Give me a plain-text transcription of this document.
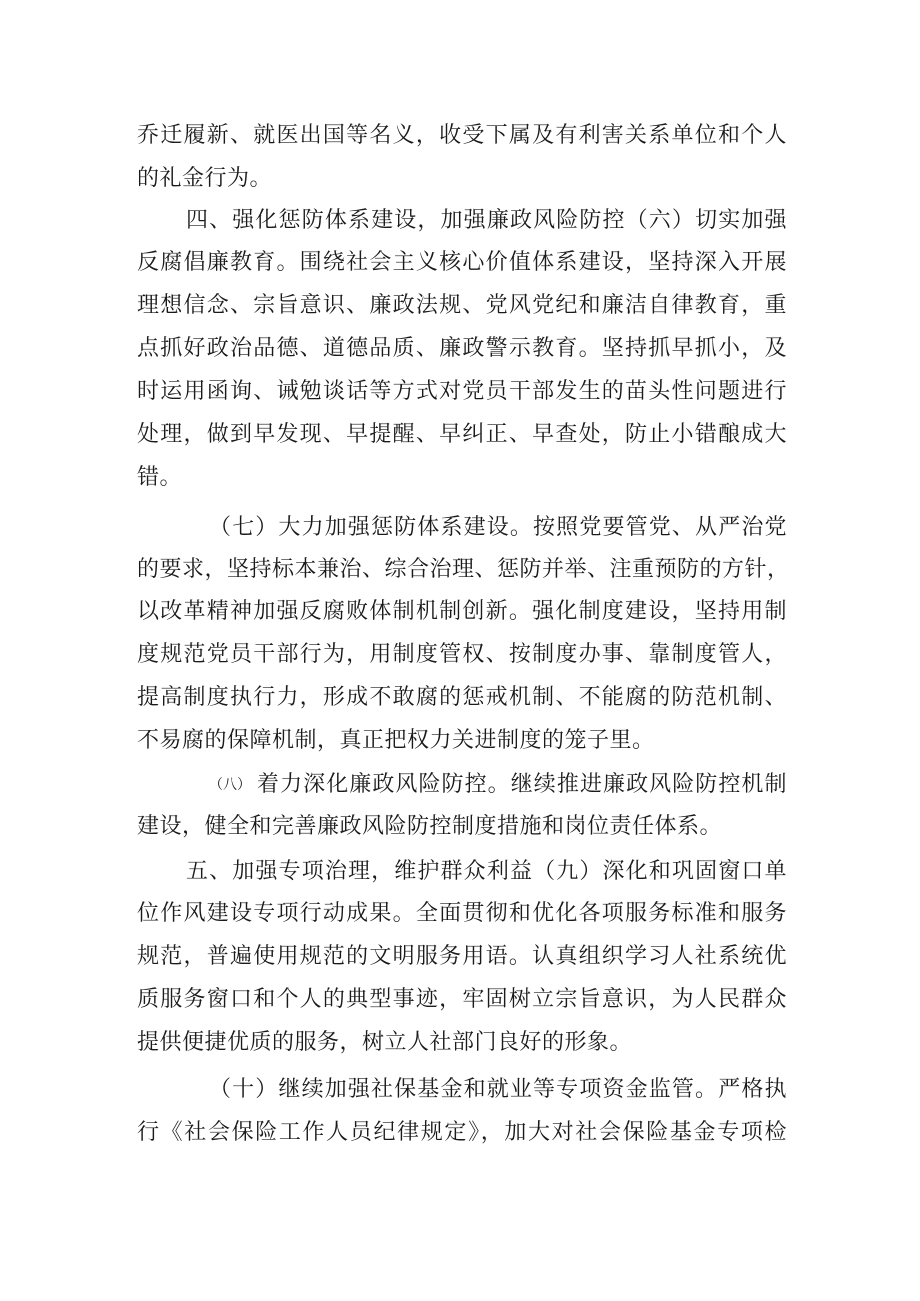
乔迁履新、就医出国等名义，收受下属及有利害关系单位和个人
的礼金行为。
四、强化惩防体系建设，加强廉政风险防控（六）切实加强
反腐倡廉教育。围绕社会主义核心价值体系建设，坚持深入开展
理想信念、宗旨意识、廉政法规、党风党纪和廉洁自律教育，重
点抓好政治品德、道德品质、廉政警示教育。坚持抓早抓小，及
时运用函询、诫勉谈话等方式对党员干部发生的苗头性问题进行
处理，做到早发现、早提醒、早纠正、早查处，防止小错酿成大
错。
（七）大力加强惩防体系建设。按照党要管党、从严治党
的要求，坚持标本兼治、综合治理、惩防并举、注重预防的方针，
以改革精神加强反腐败体制机制创新。强化制度建设，坚持用制
度规范党员干部行为，用制度管权、按制度办事、靠制度管人，
提高制度执行力，形成不敢腐的惩戒机制、不能腐的防范机制、
不易腐的保障机制，真正把权力关进制度的笼子里。
（八） 着力深化廉政风险防控。继续推进廉政风险防控机制
建设，健全和完善廉政风险防控制度措施和岗位责任体系。
五、加强专项治理，维护群众利益（九）深化和巩固窗口单
位作风建设专项行动成果。全面贯彻和优化各项服务标准和服务
规范，普遍使用规范的文明服务用语。认真组织学习人社系统优
质服务窗口和个人的典型事迹，牢固树立宗旨意识，为人民群众
提供便捷优质的服务，树立人社部门良好的形象。
（十）继续加强社保基金和就业等专项资金监管。严格执
行《社会保险工作人员纪律规定》，加大对社会保险基金专项检
